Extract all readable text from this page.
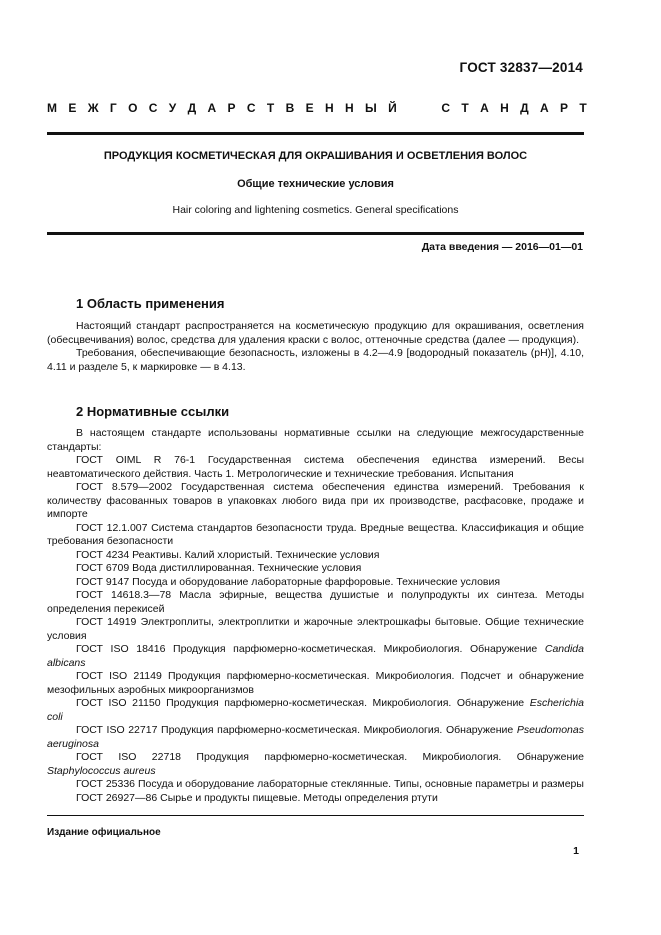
ГОСТ 32837—2014
М Е Ж Г О С У Д А Р С Т В Е Н Н Ы Й	С Т А Н Д А Р Т
ПРОДУКЦИЯ КОСМЕТИЧЕСКАЯ ДЛЯ ОКРАШИВАНИЯ И ОСВЕТЛЕНИЯ ВОЛОС
Общие технические условия
Hair coloring and lightening cosmetics. General specifications
Дата введения — 2016—01—01
1 Область применения

Настоящий стандарт распространяется на косметическую продукцию для окрашивания, осветления (обесцвечивания) волос, средства для удаления краски с волос, оттеночные средства (далее — продукция).

Требования, обеспечивающие безопасность, изложены в 4.2—4.9 [водородный показатель (рН)], 4.10, 4.11 и разделе 5, к маркировке — в 4.13.

2 Нормативные ссылки

В настоящем стандарте использованы нормативные ссылки на следующие межгосударственные стандарты:

ГОСТ OIML R 76-1 Государственная система обеспечения единства измерений. Весы неавтоматического действия. Часть 1. Метрологические и технические требования. Испытания

ГОСТ 8.579—2002 Государственная система обеспечения единства измерений. Требования к количеству фасованных товаров в упаковках любого вида при их производстве, расфасовке, продаже и импорте

ГОСТ 12.1.007 Система стандартов безопасности труда. Вредные вещества. Классификация и общие требования безопасности

ГОСТ 4234 Реактивы. Калий хлористый. Технические условия

ГОСТ 6709 Вода дистиллированная. Технические условия

ГОСТ 9147 Посуда и оборудование лабораторные фарфоровые. Технические условия

ГОСТ 14618.3—78 Масла эфирные, вещества душистые и полупродукты их синтеза. Методы определения перекисей

ГОСТ 14919 Электроплиты, электроплитки и жарочные электрошкафы бытовые. Общие технические условия

ГОСТ ISO 18416 Продукция парфюмерно-косметическая. Микробиология. Обнаружение Candida albicans

ГОСТ ISO 21149 Продукция парфюмерно-косметическая. Микробиология. Подсчет и обнаружение мезофильных аэробных микроорганизмов

ГОСТ ISO 21150 Продукция парфюмерно-косметическая. Микробиология. Обнаружение Escherichia coli

ГОСТ ISO 22717 Продукция парфюмерно-косметическая. Микробиология. Обнаружение Pseudomonas aeruginosa

ГОСТ ISO 22718 Продукция парфюмерно-косметическая. Микробиология. Обнаружение Staphylococcus aureus

ГОСТ 25336 Посуда и оборудование лабораторные стеклянные. Типы, основные параметры и размеры

ГОСТ 26927—86 Сырье и продукты пищевые. Методы определения ртути

Издание официальное
1
